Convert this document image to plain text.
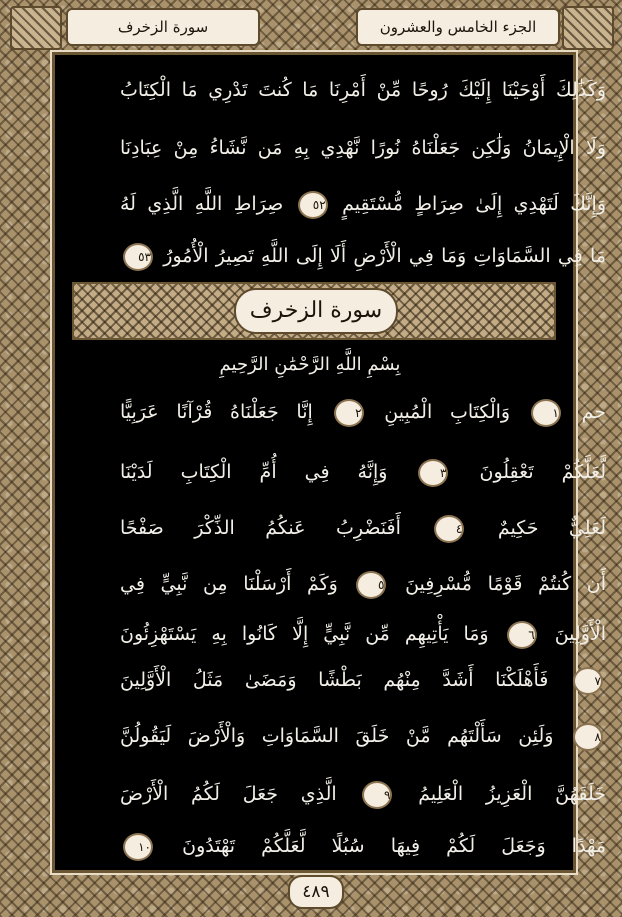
الجزء الخامس والعشرون
سورة الزخرف
وَكَذَٰلِكَ أَوْحَيْنَا إِلَيْكَ رُوحًا مِّنْ أَمْرِنَا مَا كُنتَ تَدْرِي مَا الْكِتَابُ
وَلَا الْإِيمَانُ وَلَٰكِن جَعَلْنَاهُ نُورًا نَّهْدِي بِهِ مَن نَّشَاءُ مِنْ عِبَادِنَا
وَإِنَّكَ لَتَهْدِي إِلَىٰ صِرَاطٍ مُّسْتَقِيمٍ ٥٢ صِرَاطِ اللَّهِ الَّذِي لَهُ
مَا فِي السَّمَاوَاتِ وَمَا فِي الْأَرْضِ أَلَا إِلَى اللَّهِ تَصِيرُ الْأُمُورُ ٥٣
سورة الزخرف
بِسْمِ اللَّهِ الرَّحْمَٰنِ الرَّحِيمِ
حم ١ وَالْكِتَابِ الْمُبِينِ ٢ إِنَّا جَعَلْنَاهُ قُرْآنًا عَرَبِيًّا
لَّعَلَّكُمْ تَعْقِلُونَ ٣ وَإِنَّهُ فِي أُمِّ الْكِتَابِ لَدَيْنَا
لَعَلِيٌّ حَكِيمٌ ٤ أَفَنَضْرِبُ عَنكُمُ الذِّكْرَ صَفْحًا
أَن كُنتُمْ قَوْمًا مُّسْرِفِينَ ٥ وَكَمْ أَرْسَلْنَا مِن نَّبِيٍّ فِي
الْأَوَّلِينَ ٦ وَمَا يَأْتِيهِم مِّن نَّبِيٍّ إِلَّا كَانُوا بِهِ يَسْتَهْزِئُونَ
٧ فَأَهْلَكْنَا أَشَدَّ مِنْهُم بَطْشًا وَمَضَىٰ مَثَلُ الْأَوَّلِينَ
٨ وَلَئِن سَأَلْتَهُم مَّنْ خَلَقَ السَّمَاوَاتِ وَالْأَرْضَ لَيَقُولُنَّ
خَلَقَهُنَّ الْعَزِيزُ الْعَلِيمُ ٩ الَّذِي جَعَلَ لَكُمُ الْأَرْضَ
مَهْدًا وَجَعَلَ لَكُمْ فِيهَا سُبُلًا لَّعَلَّكُمْ تَهْتَدُونَ ١٠
٤٨٩
